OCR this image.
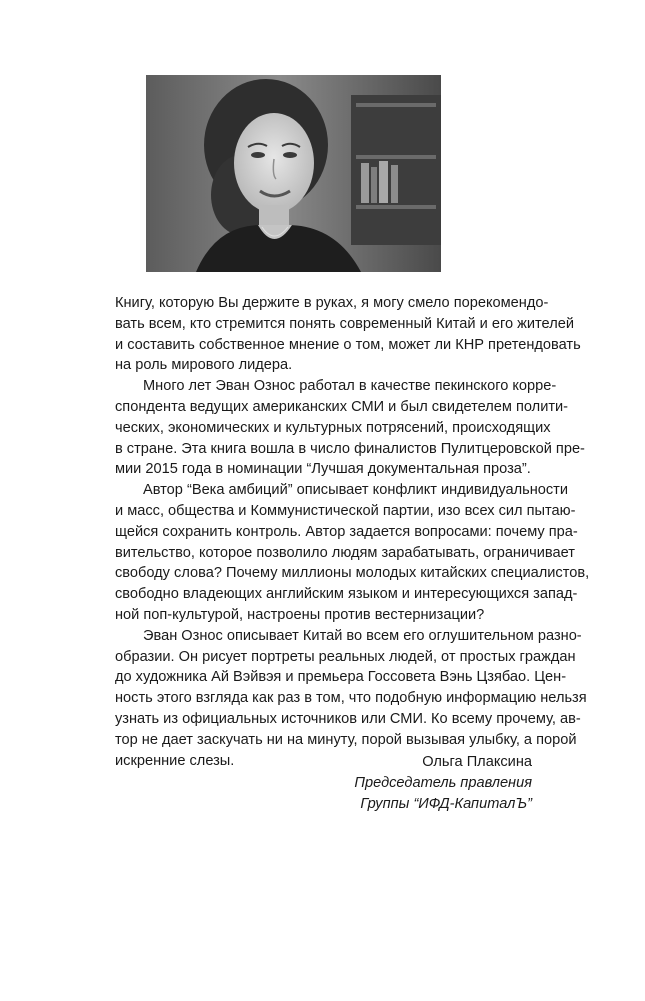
Книгу, которую Вы держите в руках, я могу смело порекомендо-
вать всем, кто стремится понять современный Китай и его жителей
и составить собственное мнение о том, может ли КНР претендовать
на роль мирового лидера.

Много лет Эван Ознос работал в качестве пекинского корре-
спондента ведущих американских СМИ и был свидетелем полити-
ческих, экономических и культурных потрясений, происходящих
в стране. Эта книга вошла в число финалистов Пулитцеровской пре-
мии 2015 года в номинации “Лучшая документальная проза”.

Автор “Века амбиций” описывает конфликт индивидуальности
и масс, общества и Коммунистической партии, изо всех сил пытаю-
щейся сохранить контроль. Автор задается вопросами: почему пра-
вительство, которое позволило людям зарабатывать, ограничивает
свободу слова? Почему миллионы молодых китайских специалистов,
свободно владеющих английским языком и интересующихся запад-
ной поп-культурой, настроены против вестернизации?

Эван Ознос описывает Китай во всем его оглушительном разно-
образии. Он рисует портреты реальных людей, от простых граждан
до художника Ай Вэйвэя и премьера Госсовета Вэнь Цзябао. Цен-
ность этого взгляда как раз в том, что подобную информацию нельзя
узнать из официальных источников или СМИ. Ко всему прочему, ав-
тор не дает заскучать ни на минуту, порой вызывая улыбку, а порой
искренние слезы.	Ольга Плаксина
Председатель правления
Группы “ИФД-КапиталЪ”
